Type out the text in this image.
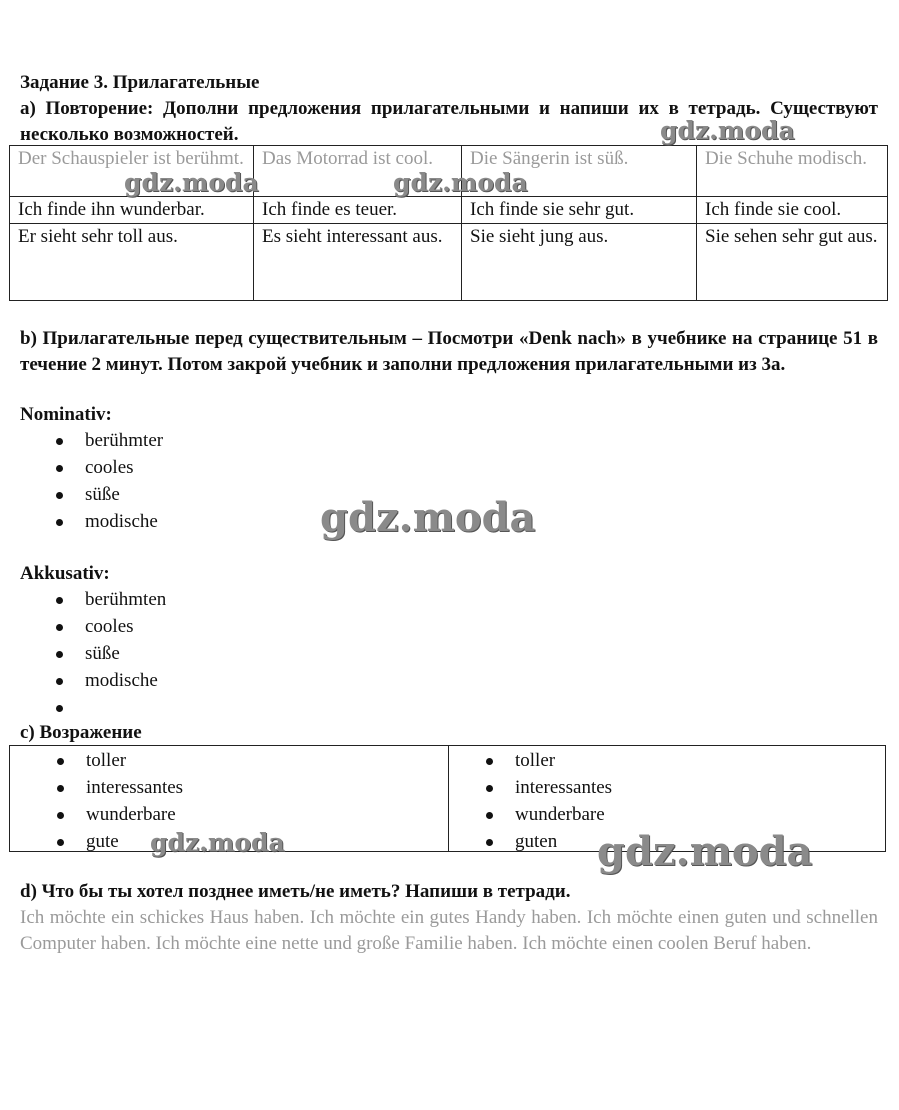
Задание 3. Прилагательные
а) Повторение: Дополни предложения прилагательными и напиши их в тетрадь. Существуют несколько возможностей.
Der Schauspieler ist berühmt.	Das Motorrad ist cool.	Die Sängerin ist süß.	Die Schuhe modisch.
Ich finde ihn wunderbar.	Ich finde es teuer.	Ich finde sie sehr gut.	Ich finde sie cool.
Er sieht sehr toll aus.	Es sieht interessant aus.	Sie sieht jung aus.	Sie sehen sehr gut aus.
b) Прилагательные перед существительным – Посмотри «Denk nach» в учебнике на странице 51 в течение 2 минут. Потом закрой учебник и заполни предложения прилагательными из 3а.
Nominativ:
berühmter
cooles
süße
modische
Akkusativ:
berühmten
cooles
süße
modische
c) Возражение
toller
interessantes
wunderbare
gute
toller
interessantes
wunderbare
guten
d) Что бы ты хотел позднее иметь/не иметь? Напиши в тетради.
Ich möchte ein schickes Haus haben. Ich möchte ein gutes Handy haben. Ich möchte einen guten und schnellen Computer haben. Ich möchte eine nette und große Familie haben. Ich möchte einen coolen Beruf haben.
gdz.moda
gdz.moda	gdz.moda
gdz.moda
gdz.moda	gdz.moda
